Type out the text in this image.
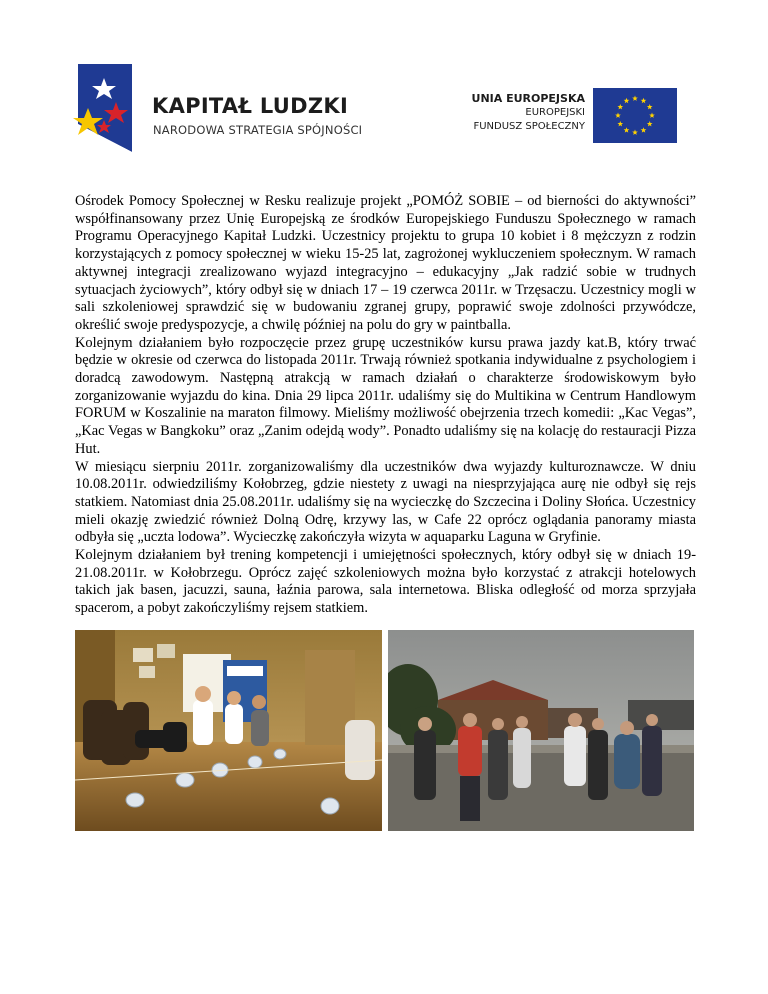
KAPITAŁ LUDZKI
NARODOWA STRATEGIA SPÓJNOŚCI
UNIA EUROPEJSKA
EUROPEJSKI
FUNDUSZ SPOŁECZNY

Ośrodek Pomocy Społecznej w Resku realizuje projekt „POMÓŻ SOBIE – od bierności do aktywności” współfinansowany przez Unię Europejską ze środków Europejskiego Funduszu Społecznego w ramach Programu Operacyjnego Kapitał Ludzki. Uczestnicy projektu to grupa 10 kobiet i 8 mężczyzn z rodzin korzystających z pomocy społecznej w wieku 15-25 lat, zagrożonej wykluczeniem społecznym. W ramach aktywnej integracji zrealizowano wyjazd integracyjno – edukacyjny „Jak radzić sobie w trudnych sytuacjach życiowych”, który odbył się w dniach 17 – 19 czerwca 2011r. w Trzęsaczu. Uczestnicy mogli w sali szkoleniowej sprawdzić się w budowaniu zgranej grupy, poprawić swoje zdolności przywódcze, określić swoje predyspozycje, a chwilę później na polu do gry w paintballa.

Kolejnym działaniem było rozpoczęcie przez grupę uczestników kursu prawa jazdy kat.B, który trwać będzie w okresie od czerwca do listopada 2011r. Trwają również spotkania indywidualne z psychologiem i doradcą zawodowym. Następną atrakcją w ramach działań o charakterze środowiskowym było zorganizowanie wyjazdu do kina. Dnia 29 lipca 2011r. udaliśmy się do Multikina w Centrum Handlowym FORUM w Koszalinie na maraton filmowy. Mieliśmy możliwość obejrzenia trzech komedii: „Kac Vegas”, „Kac Vegas w Bangkoku” oraz „Zanim odejdą wody”. Ponadto udaliśmy się na kolację do restauracji Pizza Hut.

W miesiącu sierpniu 2011r. zorganizowaliśmy dla uczestników dwa wyjazdy kulturoznawcze. W dniu 10.08.2011r. odwiedziliśmy Kołobrzeg, gdzie niestety z uwagi na niesprzyjająca aurę nie odbył się rejs statkiem. Natomiast dnia 25.08.2011r. udaliśmy się na wycieczkę do Szczecina i Doliny Słońca. Uczestnicy mieli okazję zwiedzić również Dolną Odrę, krzywy las, w Cafe 22 oprócz oglądania panoramy miasta odbyła się „uczta lodowa”. Wycieczkę zakończyła wizyta w aquaparku Laguna w Gryfinie.

Kolejnym działaniem był trening kompetencji i umiejętności społecznych, który odbył się w dniach 19-21.08.2011r. w Kołobrzegu. Oprócz zajęć szkoleniowych można było korzystać z atrakcji hotelowych takich jak basen, jacuzzi, sauna, łaźnia parowa, sala internetowa. Bliska odległość od morza sprzyjała spacerom, a pobyt zakończyliśmy rejsem statkiem.
